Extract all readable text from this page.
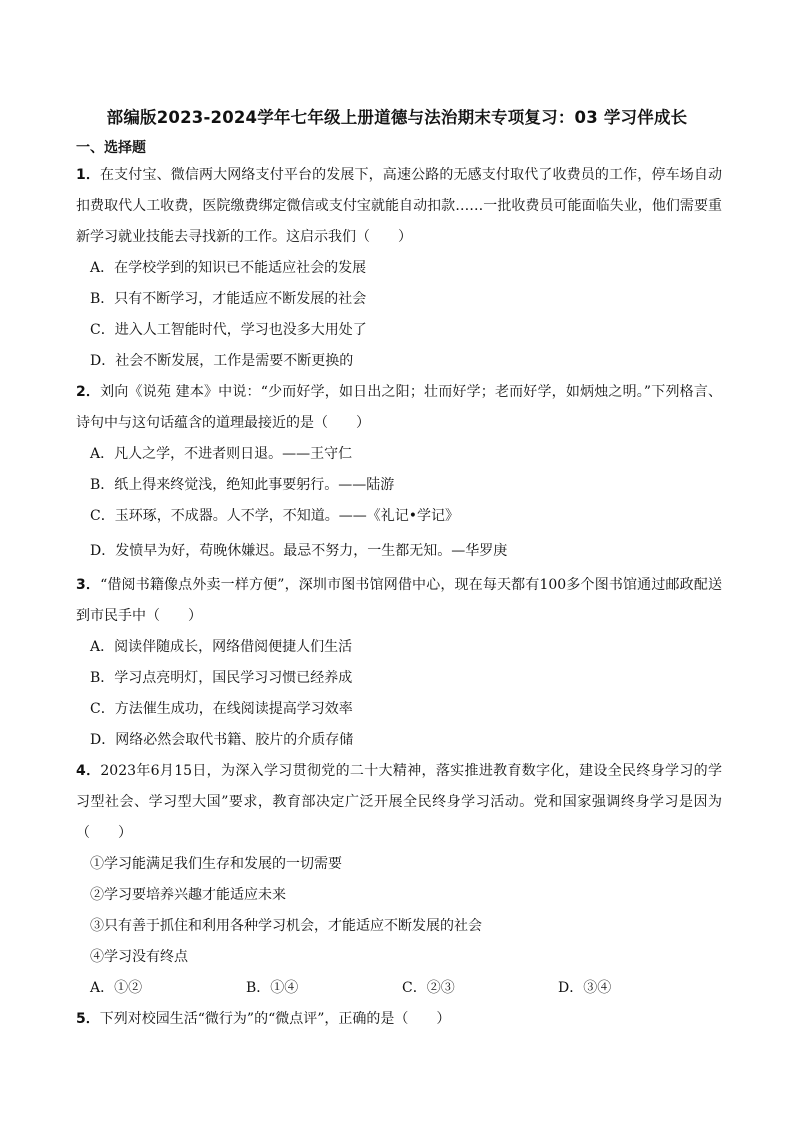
部编版2023-2024学年七年级上册道德与法治期末专项复习：03 学习伴成长
一、选择题

1．在支付宝、微信两大网络支付平台的发展下，高速公路的无感支付取代了收费员的工作，停车场自动扣费取代人工收费，医院缴费绑定微信或支付宝就能自动扣款……一批收费员可能面临失业，他们需要重新学习就业技能去寻找新的工作。这启示我们（　　）

A．在学校学到的知识已不能适应社会的发展

B．只有不断学习，才能适应不断发展的社会

C．进入人工智能时代，学习也没多大用处了

D．社会不断发展，工作是需要不断更换的

2．刘向《说苑 建本》中说：“少而好学，如日出之阳；壮而好学；老而好学，如炳烛之明。”下列格言、诗句中与这句话蕴含的道理最接近的是（　　）

A．凡人之学，不进者则日退。——王守仁

B．纸上得来终觉浅，绝知此事要躬行。——陆游

C．玉环琢，不成器。人不学，不知道。——《礼记•学记》

D．发愤早为好，苟晚休嫌迟。最忌不努力，一生都无知。—华罗庚

3．“借阅书籍像点外卖一样方便”，深圳市图书馆网借中心，现在每天都有100多个图书馆通过邮政配送到市民手中（　　）

A．阅读伴随成长，网络借阅便捷人们生活

B．学习点亮明灯，国民学习习惯已经养成

C．方法催生成功，在线阅读提高学习效率

D．网络必然会取代书籍、胶片的介质存储

4．2023年6月15日，为深入学习贯彻党的二十大精神，落实推进教育数字化，建设全民终身学习的学习型社会、学习型大国”要求，教育部决定广泛开展全民终身学习活动。党和国家强调终身学习是因为（　　）

①学习能满足我们生存和发展的一切需要

②学习要培养兴趣才能适应未来

③只有善于抓住和利用各种学习机会，才能适应不断发展的社会

④学习没有终点

A．①②	B．①④	C．②③	D．③④

5．下列对校园生活“微行为”的“微点评”，正确的是（　　）
